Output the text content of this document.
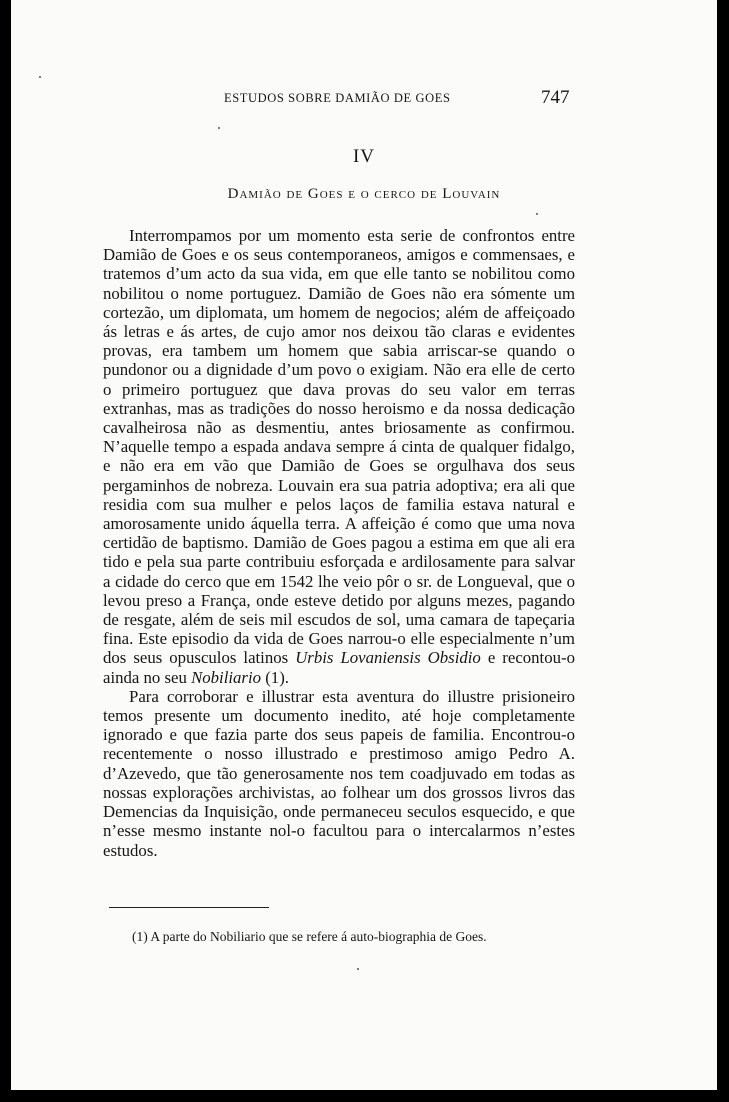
ESTUDOS SOBRE DAMIÃO DE GOES	747
IV
Damião de Goes e o cerco de Louvain

Interrompamos por um momento esta serie de confrontos entre Damião de Goes e os seus contemporaneos, amigos e commensaes, e tratemos d’um acto da sua vida, em que elle tanto se nobilitou como nobilitou o nome portuguez. Damião de Goes não era sómente um cortezão, um diplomata, um homem de negocios; além de affeiçoado ás letras e ás artes, de cujo amor nos deixou tão claras e evidentes provas, era tambem um homem que sabia arriscar-se quando o pundonor ou a dignidade d’um povo o exigiam. Não era elle de certo o primeiro portuguez que dava provas do seu valor em terras extranhas, mas as tradições do nosso heroismo e da nossa dedicação cavalheirosa não as desmentiu, antes briosamente as confirmou. N’aquelle tempo a espada andava sempre á cinta de qualquer fidalgo, e não era em vão que Damião de Goes se orgulhava dos seus pergaminhos de nobreza. Louvain era sua patria adoptiva; era ali que residia com sua mulher e pelos laços de familia estava natural e amorosamente unido áquella terra. A affeição é como que uma nova certidão de baptismo. Damião de Goes pagou a estima em que ali era tido e pela sua parte contribuiu esforçada e ardilosamente para salvar a cidade do cerco que em 1542 lhe veio pôr o sr. de Longueval, que o levou preso a França, onde esteve detido por alguns mezes, pagando de resgate, além de seis mil escudos de sol, uma camara de tapeçaria fina. Este episodio da vida de Goes narrou-o elle especialmente n’um dos seus opusculos latinos Urbis Lovaniensis Obsidio e recontou-o ainda no seu Nobiliario (1).

Para corroborar e illustrar esta aventura do illustre prisioneiro temos presente um documento inedito, até hoje completamente ignorado e que fazia parte dos seus papeis de familia. Encontrou-o recentemente o nosso illustrado e prestimoso amigo Pedro A. d’Azevedo, que tão generosamente nos tem coadjuvado em todas as nossas explorações archivistas, ao folhear um dos grossos livros das Demencias da Inquisição, onde permaneceu seculos esquecido, e que n’esse mesmo instante nol-o facultou para o intercalarmos n’estes estudos.

(1) A parte do Nobiliario que se refere á auto-biographia de Goes.
